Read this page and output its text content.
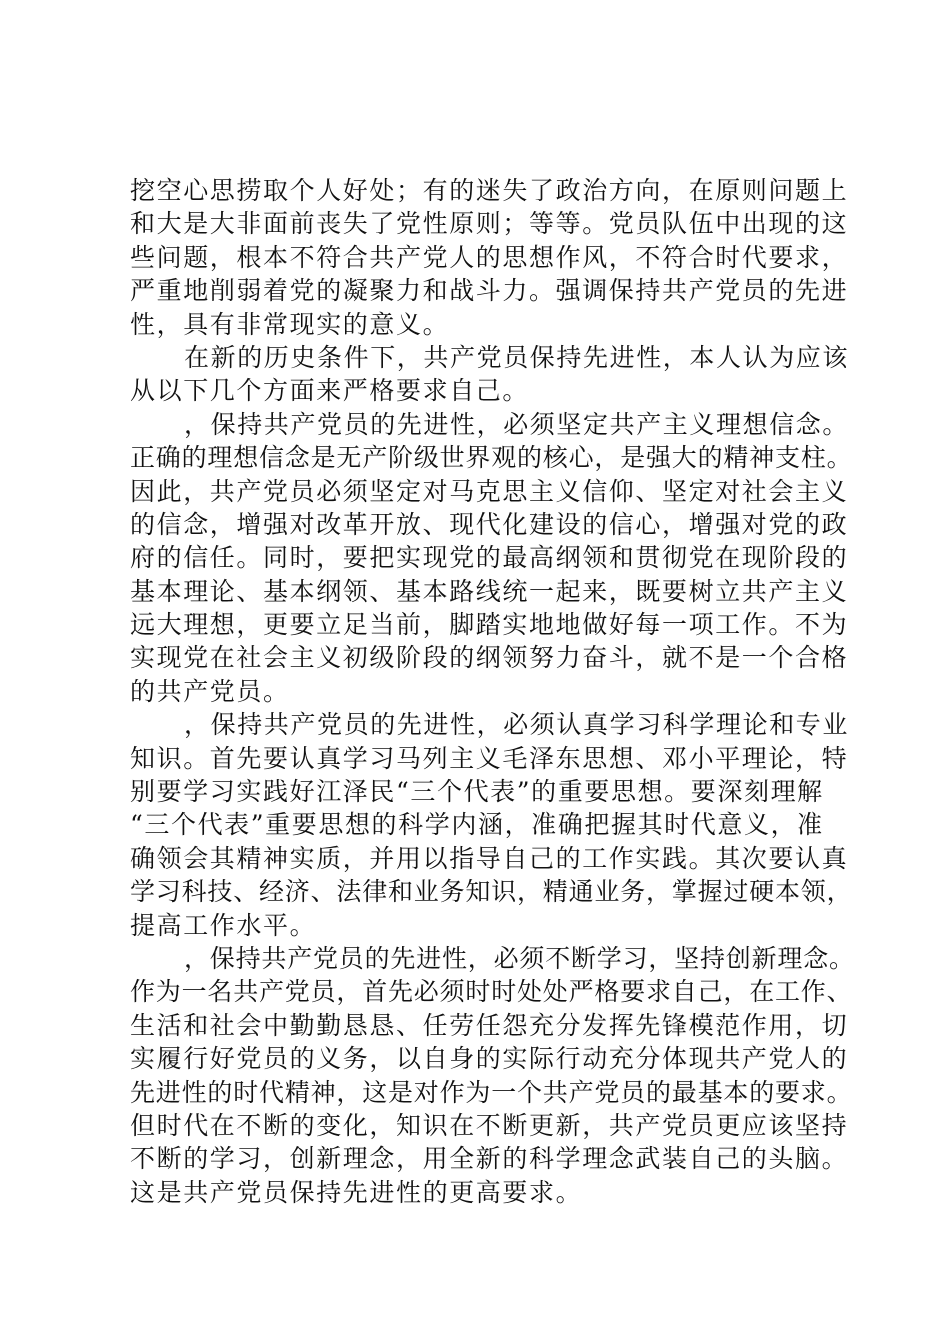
挖空心思捞取个人好处；有的迷失了政治方向，在原则问题上
和大是大非面前丧失了党性原则；等等。党员队伍中出现的这
些问题，根本不符合共产党人的思想作风，不符合时代要求，
严重地削弱着党的凝聚力和战斗力。强调保持共产党员的先进
性，具有非常现实的意义。
在新的历史条件下，共产党员保持先进性，本人认为应该
从以下几个方面来严格要求自己。
，保持共产党员的先进性，必须坚定共产主义理想信念。
正确的理想信念是无产阶级世界观的核心，是强大的精神支柱。
因此，共产党员必须坚定对马克思主义信仰、坚定对社会主义
的信念，增强对改革开放、现代化建设的信心，增强对党的政
府的信任。同时，要把实现党的最高纲领和贯彻党在现阶段的
基本理论、基本纲领、基本路线统一起来，既要树立共产主义
远大理想，更要立足当前，脚踏实地地做好每一项工作。不为
实现党在社会主义初级阶段的纲领努力奋斗，就不是一个合格
的共产党员。
，保持共产党员的先进性，必须认真学习科学理论和专业
知识。首先要认真学习马列主义毛泽东思想、邓小平理论，特
别要学习实践好江泽民“三个代表”的重要思想。要深刻理解
“三个代表”重要思想的科学内涵，准确把握其时代意义，准
确领会其精神实质，并用以指导自己的工作实践。其次要认真
学习科技、经济、法律和业务知识，精通业务，掌握过硬本领，
提高工作水平。
，保持共产党员的先进性，必须不断学习，坚持创新理念。
作为一名共产党员，首先必须时时处处严格要求自己，在工作、
生活和社会中勤勤恳恳、任劳任怨充分发挥先锋模范作用，切
实履行好党员的义务，以自身的实际行动充分体现共产党人的
先进性的时代精神，这是对作为一个共产党员的最基本的要求。
但时代在不断的变化，知识在不断更新，共产党员更应该坚持
不断的学习，创新理念，用全新的科学理念武装自己的头脑。
这是共产党员保持先进性的更高要求。
